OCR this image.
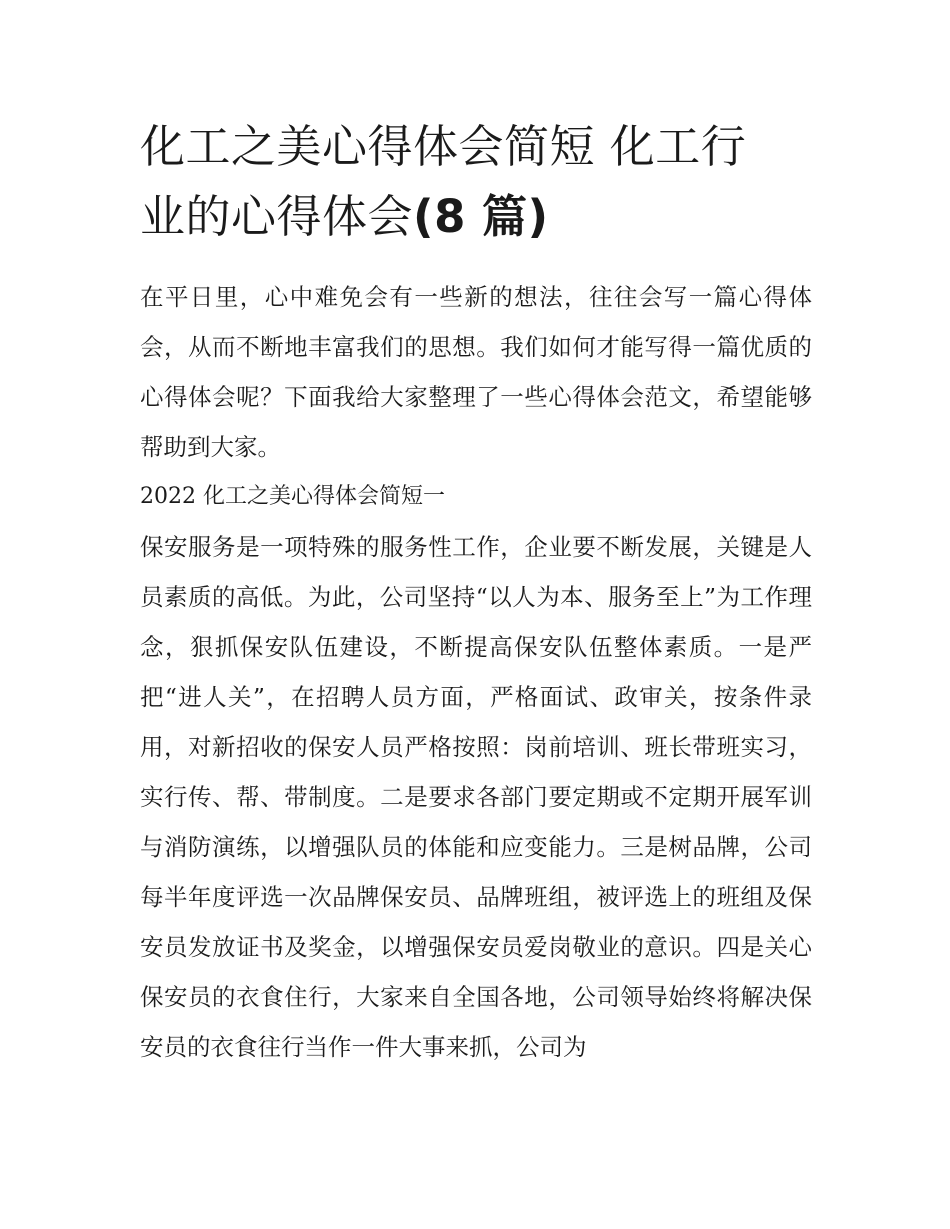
化工之美心得体会简短 化工行
业的心得体会(8 篇)

在平日里，心中难免会有一些新的想法，往往会写一篇心得体会，从而不断地丰富我们的思想。我们如何才能写得一篇优质的心得体会呢？下面我给大家整理了一些心得体会范文，希望能够帮助到大家。

2022 化工之美心得体会简短一

保安服务是一项特殊的服务性工作，企业要不断发展，关键是人员素质的高低。为此，公司坚持“以人为本、服务至上”为工作理念，狠抓保安队伍建设，不断提高保安队伍整体素质。一是严把“进人关”，在招聘人员方面，严格面试、政审关，按条件录用，对新招收的保安人员严格按照：岗前培训、班长带班实习，实行传、帮、带制度。二是要求各部门要定期或不定期开展军训与消防演练，以增强队员的体能和应变能力。三是树品牌，公司每半年度评选一次品牌保安员、品牌班组，被评选上的班组及保安员发放证书及奖金，以增强保安员爱岗敬业的意识。四是关心保安员的衣食住行，大家来自全国各地，公司领导始终将解决保安员的衣食往行当作一件大事来抓，公司为
